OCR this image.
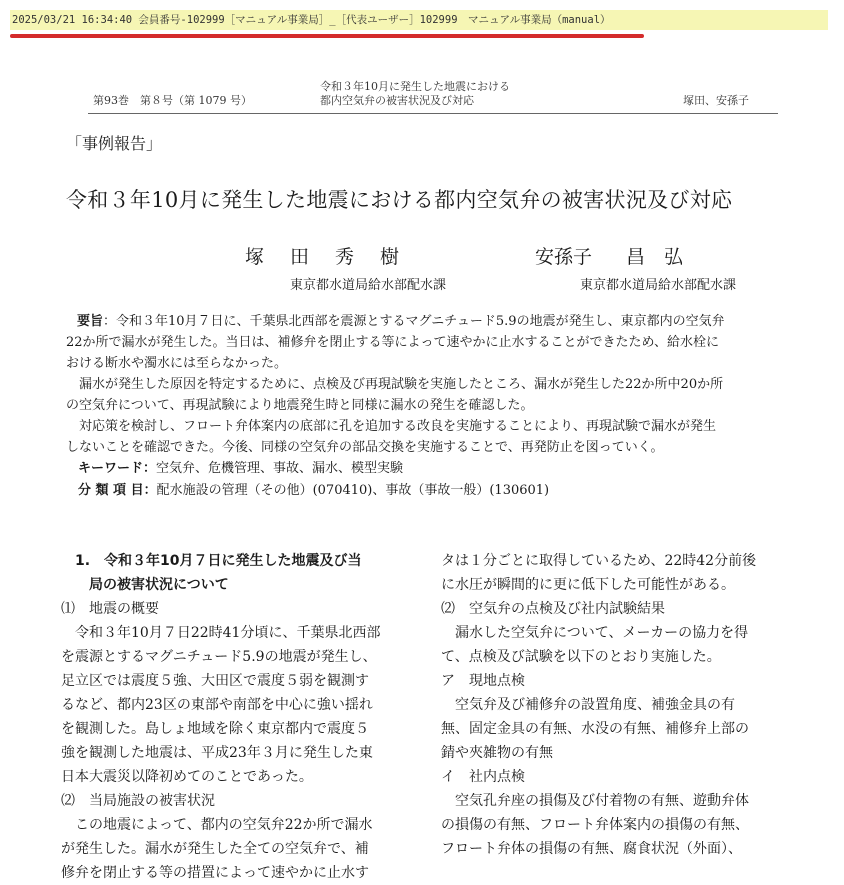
2025/03/21 16:34:40 会員番号-102999［マニュアル事業局］_［代表ユーザー］102999　マニュアル事業局（manual）
第93巻　第８号（第 1079 号）
令和３年10月に発生した地震における
都内空気弁の被害状況及び対応	塚田、安孫子
「事例報告」
令和３年10月に発生した地震における都内空気弁の被害状況及び対応
塚田秀樹	安孫子 昌　弘
東京都水道局給水部配水課	東京都水道局給水部配水課
要旨：令和３年10月７日に、千葉県北西部を震源とするマグニチュード5.9の地震が発生し、東京都内の空気弁
22か所で漏水が発生した。当日は、補修弁を閉止する等によって速やかに止水することができたため、給水栓に
おける断水や濁水には至らなかった。
　漏水が発生した原因を特定するために、点検及び再現試験を実施したところ、漏水が発生した22か所中20か所
の空気弁について、再現試験により地震発生時と同様に漏水の発生を確認した。
　対応策を検討し、フロート弁体案内の底部に孔を追加する改良を実施することにより、再現試験で漏水が発生
しないことを確認できた。今後、同様の空気弁の部品交換を実施することで、再発防止を図っていく。
キーワード：空気弁、危機管理、事故、漏水、模型実験
分 類 項 目：配水施設の管理（その他）(070410)、事故（事故一般）(130601)
　1.　令和３年10月７日に発生した地震及び当
　　局の被害状況について
⑴　地震の概要
　令和３年10月７日22時41分頃に、千葉県北西部
を震源とするマグニチュード5.9の地震が発生し、
足立区では震度５強、大田区で震度５弱を観測す
るなど、都内23区の東部や南部を中心に強い揺れ
を観測した。島しょ地域を除く東京都内で震度５
強を観測した地震は、平成23年３月に発生した東
日本大震災以降初めてのことであった。
⑵　当局施設の被害状況
　この地震によって、都内の空気弁22か所で漏水
が発生した。漏水が発生した全ての空気弁で、補
修弁を閉止する等の措置によって速やかに止水す
タは１分ごとに取得しているため、22時42分前後
に水圧が瞬間的に更に低下した可能性がある。
⑵　空気弁の点検及び社内試験結果
　漏水した空気弁について、メーカーの協力を得
て、点検及び試験を以下のとおり実施した。
ア　現地点検
　空気弁及び補修弁の設置角度、補強金具の有
無、固定金具の有無、水没の有無、補修弁上部の
錆や夾雑物の有無
イ　社内点検
　空気孔弁座の損傷及び付着物の有無、遊動弁体
の損傷の有無、フロート弁体案内の損傷の有無、
フロート弁体の損傷の有無、腐食状況（外面）、
